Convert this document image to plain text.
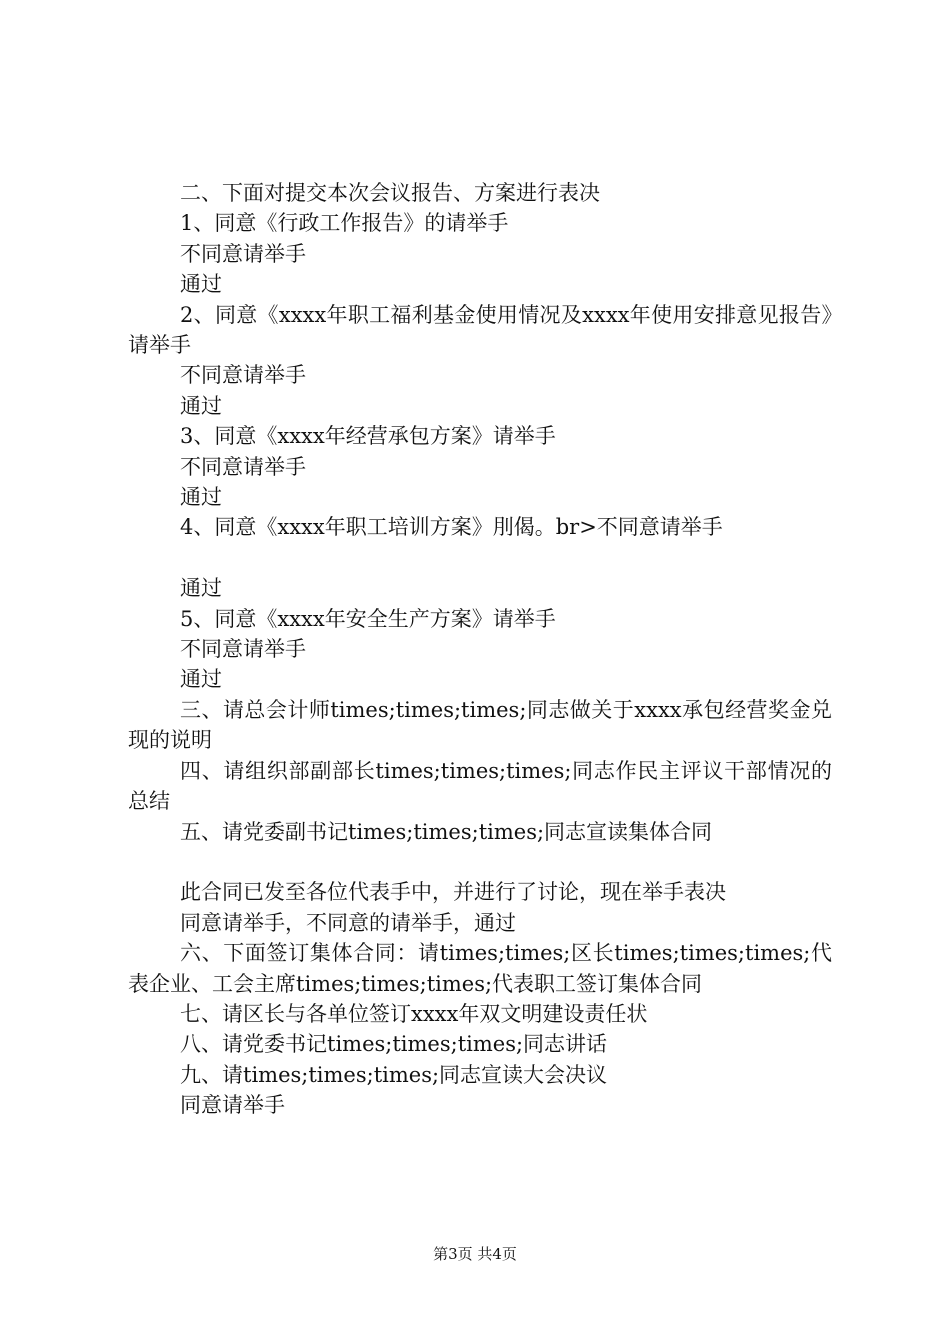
二、下面对提交本次会议报告、方案进行表决

1、同意《行政工作报告》的请举手

不同意请举手

通过

2、同意《xxxx年职工福利基金使用情况及xxxx年使用安排意见报告》请举手

不同意请举手

通过

3、同意《xxxx年经营承包方案》请举手

不同意请举手

通过

4、同意《xxxx年职工培训方案》刖偈。br>不同意请举手

通过

5、同意《xxxx年安全生产方案》请举手

不同意请举手

通过

三、请总会计师times;times;times;同志做关于xxxx承包经营奖金兑现的说明

四、请组织部副部长times;times;times;同志作民主评议干部情况的总结

五、请党委副书记times;times;times;同志宣读集体合同

此合同已发至各位代表手中，并进行了讨论，现在举手表决

同意请举手，不同意的请举手，通过

六、下面签订集体合同：请times;times;区长times;times;times;代表企业、工会主席times;times;times;代表职工签订集体合同

七、请区长与各单位签订xxxx年双文明建设责任状

八、请党委书记times;times;times;同志讲话

九、请times;times;times;同志宣读大会决议

同意请举手

第3页 共4页
